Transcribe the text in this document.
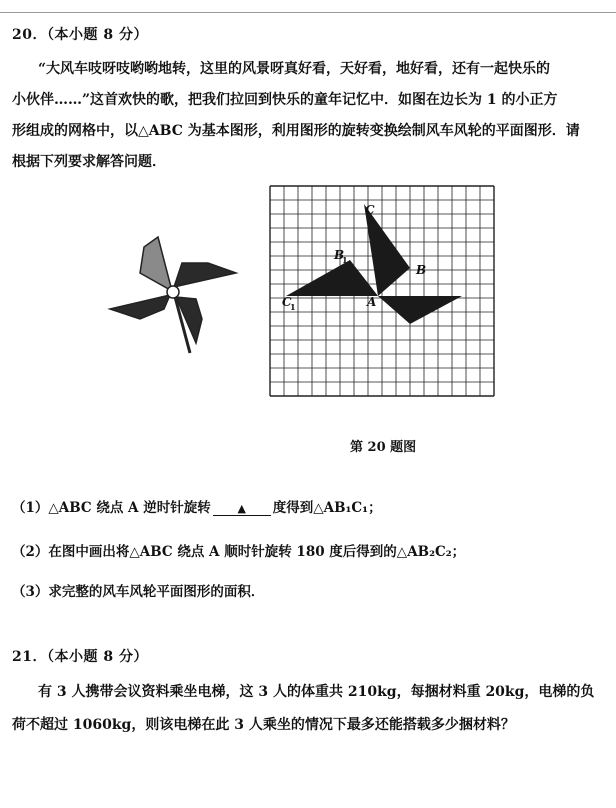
20．（本小题 8 分）
“大风车吱呀吱哟哟地转，这里的风景呀真好看，天好看，地好看，还有一起快乐的
小伙伴……”这首欢快的歌，把我们拉回到快乐的童年记忆中．如图在边长为 1 的小正方
形组成的网格中，以△ABC 为基本图形，利用图形的旋转变换绘制风车风轮的平面图形．请
根据下列要求解答问题．
C
B
1
B
C
1	A
第 20 题图
（1）△ABC 绕点 A 逆时针旋转 ▲ 度得到△AB₁C₁；
（2）在图中画出将△ABC 绕点 A 顺时针旋转 180 度后得到的△AB₂C₂；
（3）求完整的风车风轮平面图形的面积．
21．（本小题 8 分）
有 3 人携带会议资料乘坐电梯，这 3 人的体重共 210kg，每捆材料重 20kg，电梯的负
荷不超过 1060kg，则该电梯在此 3 人乘坐的情况下最多还能搭载多少捆材料？
